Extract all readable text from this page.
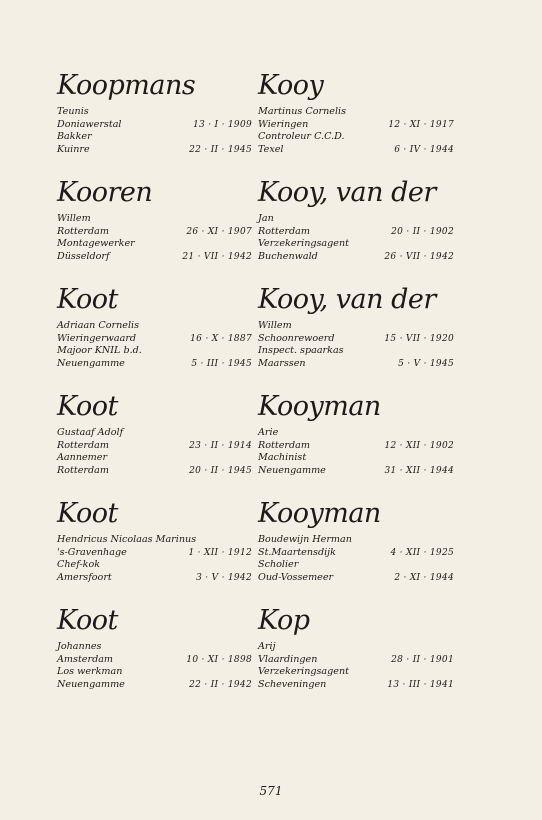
Koopmans
Teunis
Doniawerstal	13 · I · 1909
Bakker
Kuinre	22 · II · 1945
Kooren
Willem
Rotterdam	26 · XI · 1907
Montagewerker
Düsseldorf	21 · VII · 1942
Koot
Adriaan Cornelis
Wieringerwaard	16 · X · 1887
Majoor KNIL b.d.
Neuengamme	5 · III · 1945
Koot
Gustaaf Adolf
Rotterdam	23 · II · 1914
Aannemer
Rotterdam	20 · II · 1945
Koot
Hendricus Nicolaas Marinus
's-Gravenhage	1 · XII · 1912
Chef-kok
Amersfoort	3 · V · 1942
Koot
Johannes
Amsterdam	10 · XI · 1898
Los werkman
Neuengamme	22 · II · 1942
Kooy
Martinus Cornelis
Wieringen	12 · XI · 1917
Controleur C.C.D.
Texel	6 · IV · 1944
Kooy, van der
Jan
Rotterdam	20 · II · 1902
Verzekeringsagent
Buchenwald	26 · VII · 1942
Kooy, van der
Willem
Schoonrewoerd	15 · VII · 1920
Inspect. spaarkas
Maarssen	5 · V · 1945
Kooyman
Arie
Rotterdam	12 · XII · 1902
Machinist
Neuengamme	31 · XII · 1944
Kooyman
Boudewijn Herman
St.Maartensdijk	4 · XII · 1925
Scholier
Oud-Vossemeer	2 · XI · 1944
Kop
Arij
Vlaardingen	28 · II · 1901
Verzekeringsagent
Scheveningen	13 · III · 1941
571
